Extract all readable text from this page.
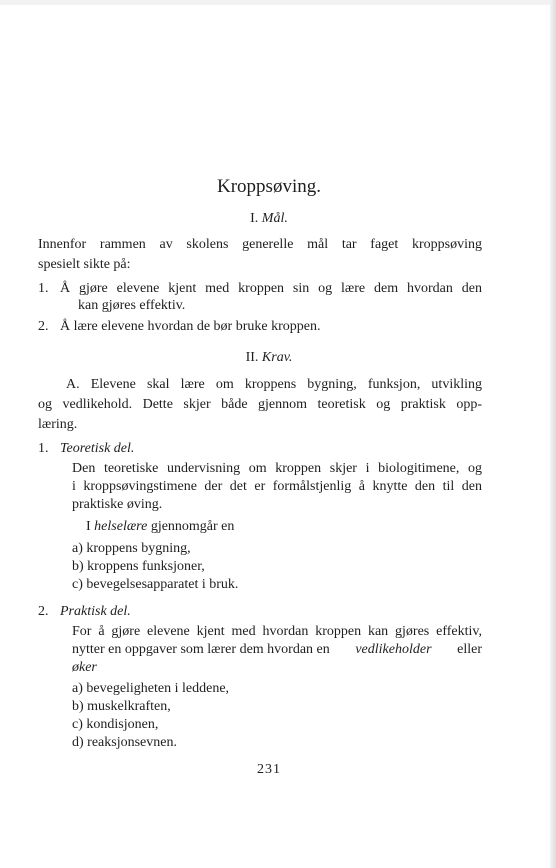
Kroppsøving.
I. Mål.
Innenfor rammen av skolens generelle mål tar faget kroppsøving
spesielt sikte på:
1. Å gjøre elevene kjent med kroppen sin og lære dem hvordan den
kan gjøres effektiv.
2. Å lære elevene hvordan de bør bruke kroppen.
II. Krav.
A. Elevene skal lære om kroppens bygning, funksjon, utvikling
og vedlikehold. Dette skjer både gjennom teoretisk og praktisk opp-
læring.
1. Teoretisk del.
Den teoretiske undervisning om kroppen skjer i biologitimene, og
i kroppsøvingstimene der det er formålstjenlig å knytte den til den
praktiske øving.
I helselære gjennomgår en
a) kroppens bygning,
b) kroppens funksjoner,
c) bevegelsesapparatet i bruk.
2. Praktisk del.
For å gjøre elevene kjent med hvordan kroppen kan gjøres effektiv,
nytter en oppgaver som lærer dem hvordan en vedlikeholder eller
øker
a) bevegeligheten i leddene,
b) muskelkraften,
c) kondisjonen,
d) reaksjonsevnen.
231
